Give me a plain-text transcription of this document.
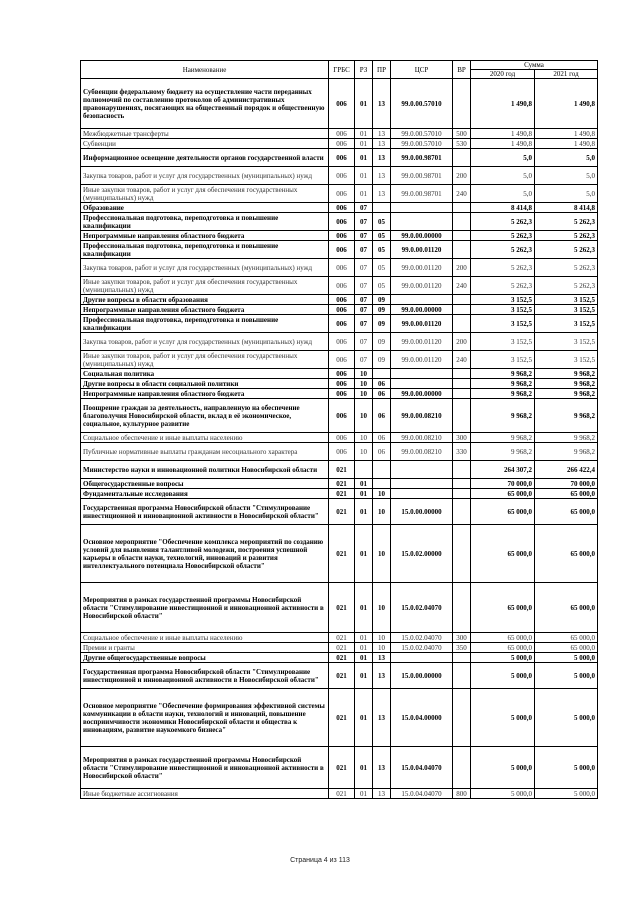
Наименование	ГРБС	РЗ	ПР	ЦСР	ВР	Сумма	
						2020 год	2021 год
Субвенции федеральному бюджету на осуществление части переданных полномочий по составлению протоколов об административных правонарушениях, посягающих на общественный порядок и общественную безопасность	006	01	13	99.0.00.57010		1 490,8	1 490,8
Межбюджетные трансферты	006	01	13	99.0.00.57010	500	1 490,8	1 490,8
Субвенции	006	01	13	99.0.00.57010	530	1 490,8	1 490,8
Информационное освещение деятельности органов государственной власти	006	01	13	99.0.00.98701		5,0	5,0
Закупка товаров, работ и услуг для государственных (муниципальных) нужд	006	01	13	99.0.00.98701	200	5,0	5,0
Иные закупки товаров, работ и услуг для обеспечения государственных (муниципальных) нужд	006	01	13	99.0.00.98701	240	5,0	5,0
Образование	006	07				8 414,8	8 414,8
Профессиональная подготовка, переподготовка и повышение квалификации	006	07	05			5 262,3	5 262,3
Непрограммные направления областного бюджета	006	07	05	99.0.00.00000		5 262,3	5 262,3
Профессиональная подготовка, переподготовка и повышение квалификации	006	07	05	99.0.00.01120		5 262,3	5 262,3
Закупка товаров, работ и услуг для государственных (муниципальных) нужд	006	07	05	99.0.00.01120	200	5 262,3	5 262,3
Иные закупки товаров, работ и услуг для обеспечения государственных (муниципальных) нужд	006	07	05	99.0.00.01120	240	5 262,3	5 262,3
Другие вопросы в области образования	006	07	09			3 152,5	3 152,5
Непрограммные направления областного бюджета	006	07	09	99.0.00.00000		3 152,5	3 152,5
Профессиональная подготовка, переподготовка и повышение квалификации	006	07	09	99.0.00.01120		3 152,5	3 152,5
Закупка товаров, работ и услуг для государственных (муниципальных) нужд	006	07	09	99.0.00.01120	200	3 152,5	3 152,5
Иные закупки товаров, работ и услуг для обеспечения государственных (муниципальных) нужд	006	07	09	99.0.00.01120	240	3 152,5	3 152,5
Социальная политика	006	10				9 968,2	9 968,2
Другие вопросы в области социальной политики	006	10	06			9 968,2	9 968,2
Непрограммные направления областного бюджета	006	10	06	99.0.00.00000		9 968,2	9 968,2
Поощрение граждан за деятельность, направленную на обеспечение благополучия Новосибирской области, вклад в её экономическое, социальное, культурное развитие	006	10	06	99.0.00.08210		9 968,2	9 968,2
Социальное обеспечение и иные выплаты населению	006	10	06	99.0.00.08210	300	9 968,2	9 968,2
Публичные нормативные выплаты гражданам несоциального характера	006	10	06	99.0.00.08210	330	9 968,2	9 968,2
Министерство науки и инновационной политики Новосибирской области	021					264 307,2	266 422,4
Общегосударственные вопросы	021	01				70 000,0	70 000,0
Фундаментальные исследования	021	01	10			65 000,0	65 000,0
Государственная программа Новосибирской области "Стимулирование инвестиционной и инновационной активности в Новосибирской области"	021	01	10	15.0.00.00000		65 000,0	65 000,0
Основное мероприятие "Обеспечение комплекса мероприятий по созданию условий для выявления талантливой молодежи, построения успешной карьеры в области науки, технологий, инноваций и развития интеллектуального потенциала Новосибирской области"	021	01	10	15.0.02.00000		65 000,0	65 000,0
Мероприятия в рамках государственной программы Новосибирской области "Стимулирование инвестиционной и инновационной активности в Новосибирской области"	021	01	10	15.0.02.04070		65 000,0	65 000,0
Социальное обеспечение и иные выплаты населению	021	01	10	15.0.02.04070	300	65 000,0	65 000,0
Премии и гранты	021	01	10	15.0.02.04070	350	65 000,0	65 000,0
Другие общегосударственные вопросы	021	01	13			5 000,0	5 000,0
Государственная программа Новосибирской области "Стимулирование инвестиционной и инновационной активности в Новосибирской области"	021	01	13	15.0.00.00000		5 000,0	5 000,0
Основное мероприятие "Обеспечение формирования эффективной системы коммуникации в области науки, технологий и инноваций, повышение восприимчивости экономики Новосибирской области и общества к инновациям, развитие наукоемкого бизнеса"	021	01	13	15.0.04.00000		5 000,0	5 000,0
Мероприятия в рамках государственной программы Новосибирской области "Стимулирование инвестиционной и инновационной активности в Новосибирской области"	021	01	13	15.0.04.04070		5 000,0	5 000,0
Иные бюджетные ассигнования	021	01	13	15.0.04.04070	800	5 000,0	5 000,0
Страница 4 из 113
